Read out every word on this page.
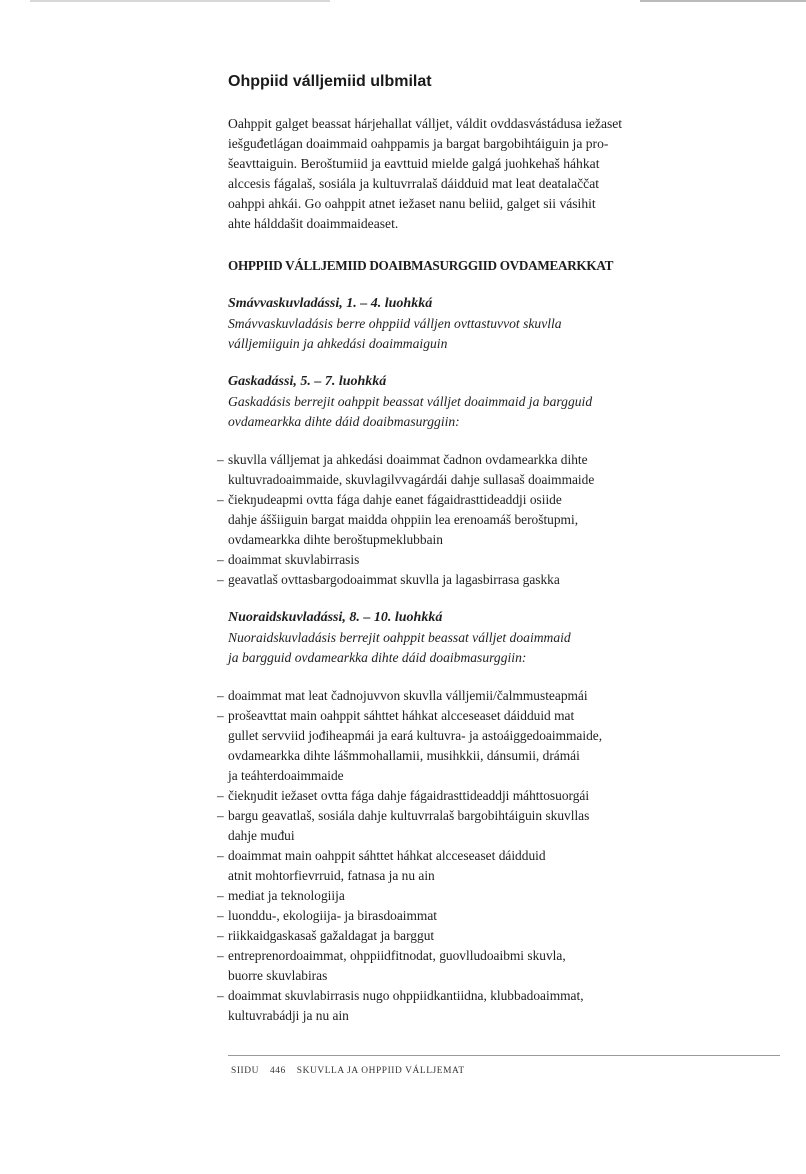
Ohppiid válljemiid ulbmilat

Oahppit galget beassat hárjehallat válljet, váldit ovddasvástádusa iežaset
iešguđetlágan doaimmaid oahppamis ja bargat bargobihtáiguin ja pro-
šeavttaiguin. Beroštumiid ja eavttuid mielde galgá juohkehaš háhkat
alccesis fágalaš, sosiála ja kultuvrralaš dáidduid mat leat deatalaččat
oahppi ahkái. Go oahppit atnet iežaset nanu beliid, galget sii vásihit
ahte hálddašit doaimmaideaset.

OHPPIID VÁLLJEMIID DOAIBMASURGGIID OVDAMEARKKAT
Smávvaskuvladássi, 1. – 4. luohkká
Smávvaskuvladásis berre ohppiid válljen ovttastuvvot skuvlla
válljemiiguin ja ahkedási doaimmaiguin
Gaskadássi, 5. – 7. luohkká
Gaskadásis berrejit oahppit beassat válljet doaimmaid ja bargguid
ovdamearkka dihte dáid doaibmasurggiin:
– skuvlla válljemat ja ahkedási doaimmat čadnon ovdamearkka dihte
kultuvradoaimmaide, skuvlagilvvagárdái dahje sullasaš doaimmaide
– čiekŋudeapmi ovtta fága dahje eanet fágaidrasttideaddji osiide
dahje áššiiguin bargat maidda ohppiin lea erenoamáš beroštupmi,
ovdamearkka dihte beroštupmeklubbain
– doaimmat skuvlabirrasis
– geavatlaš ovttasbargodoaimmat skuvlla ja lagasbirrasa gaskka
Nuoraidskuvladássi, 8. – 10. luohkká
Nuoraidskuvladásis berrejit oahppit beassat válljet doaimmaid
ja bargguid ovdamearkka dihte dáid doaibmasurggiin:
– doaimmat mat leat čadnojuvvon skuvlla válljemii/čalmmusteapmái
– prošeavttat main oahppit sáhttet háhkat alcceseaset dáidduid mat
gullet servviid jođiheapmái ja eará kultuvra- ja astoáiggedoaimmaide,
ovdamearkka dihte lášmmohallamii, musihkkii, dánsumii, drámái
ja teáhterdoaimmaide
– čiekŋudit iežaset ovtta fága dahje fágaidrasttideaddji máhttosuorgái
– bargu geavatlaš, sosiála dahje kultuvrralaš bargobihtáiguin skuvllas
dahje muđui
– doaimmat main oahppit sáhttet háhkat alcceseaset dáidduid
atnit mohtorfievrruid, fatnasa ja nu ain
– mediat ja teknologiija
– luonddu-, ekologiija- ja birasdoaimmat
– riikkaidgaskasaš gažaldagat ja barggut
– entreprenordoaimmat, ohppiidfitnodat, guovlludoaibmi skuvla,
buorre skuvlabiras
– doaimmat skuvlabirrasis nugo ohppiidkantiidna, klubbadoaimmat,
kultuvrabádji ja nu ain
SIIDU 446 SKUVLLA JA OHPPIID VÁLLJEMAT
